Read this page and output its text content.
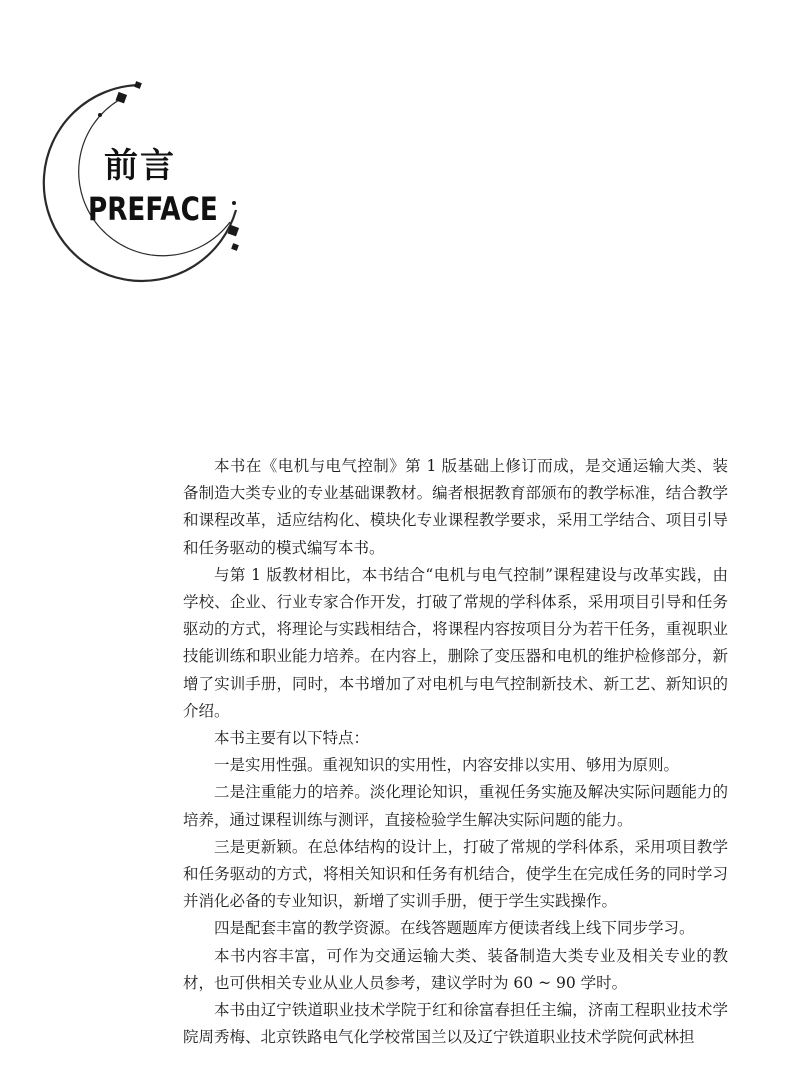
前言
PREFACE

本书在《电机与电气控制》第 1 版基础上修订而成，是交通运输大类、装备制造大类专业的专业基础课教材。编者根据教育部颁布的教学标准，结合教学和课程改革，适应结构化、模块化专业课程教学要求，采用工学结合、项目引导和任务驱动的模式编写本书。

与第 1 版教材相比，本书结合“电机与电气控制”课程建设与改革实践，由学校、企业、行业专家合作开发，打破了常规的学科体系，采用项目引导和任务驱动的方式，将理论与实践相结合，将课程内容按项目分为若干任务，重视职业技能训练和职业能力培养。在内容上，删除了变压器和电机的维护检修部分，新增了实训手册，同时，本书增加了对电机与电气控制新技术、新工艺、新知识的介绍。

本书主要有以下特点：

一是实用性强。重视知识的实用性，内容安排以实用、够用为原则。

二是注重能力的培养。淡化理论知识，重视任务实施及解决实际问题能力的培养，通过课程训练与测评，直接检验学生解决实际问题的能力。

三是更新颖。在总体结构的设计上，打破了常规的学科体系，采用项目教学和任务驱动的方式，将相关知识和任务有机结合，使学生在完成任务的同时学习并消化必备的专业知识，新增了实训手册，便于学生实践操作。

四是配套丰富的教学资源。在线答题题库方便读者线上线下同步学习。

本书内容丰富，可作为交通运输大类、装备制造大类专业及相关专业的教材，也可供相关专业从业人员参考，建议学时为 60 ~ 90 学时。

本书由辽宁铁道职业技术学院于红和徐富春担任主编，济南工程职业技术学院周秀梅、北京铁路电气化学校常国兰以及辽宁铁道职业技术学院何武林担
